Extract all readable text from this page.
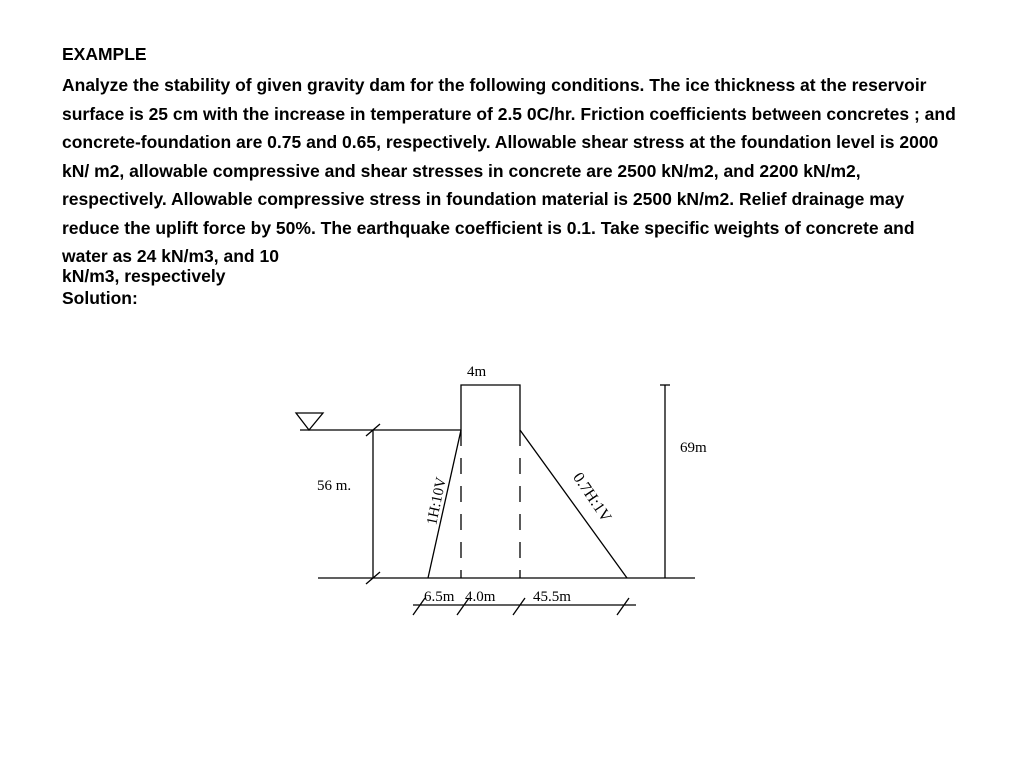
EXAMPLE
Analyze the stability of given gravity dam for the following conditions. The ice thickness at the reservoir surface is 25 cm with the increase in temperature of 2.5 0C/hr. Friction coefficients between concretes ; and concrete-foundation are 0.75 and 0.65, respectively. Allowable shear stress at the foundation level is 2000 kN/ m2, allowable compressive and shear stresses in concrete are 2500 kN/m2, and 2200 kN/m2, respectively. Allowable compressive stress in foundation material is 2500 kN/m2. Relief drainage may reduce the uplift force by 50%. The earthquake coefficient is 0.1. Take specific weights of concrete and water as 24 kN/m3, and 10
kN/m3, respectively
Solution:
4m
69m
56 m.	1H:10V	0.7H:1V
6.5m 4.0m	45.5m
